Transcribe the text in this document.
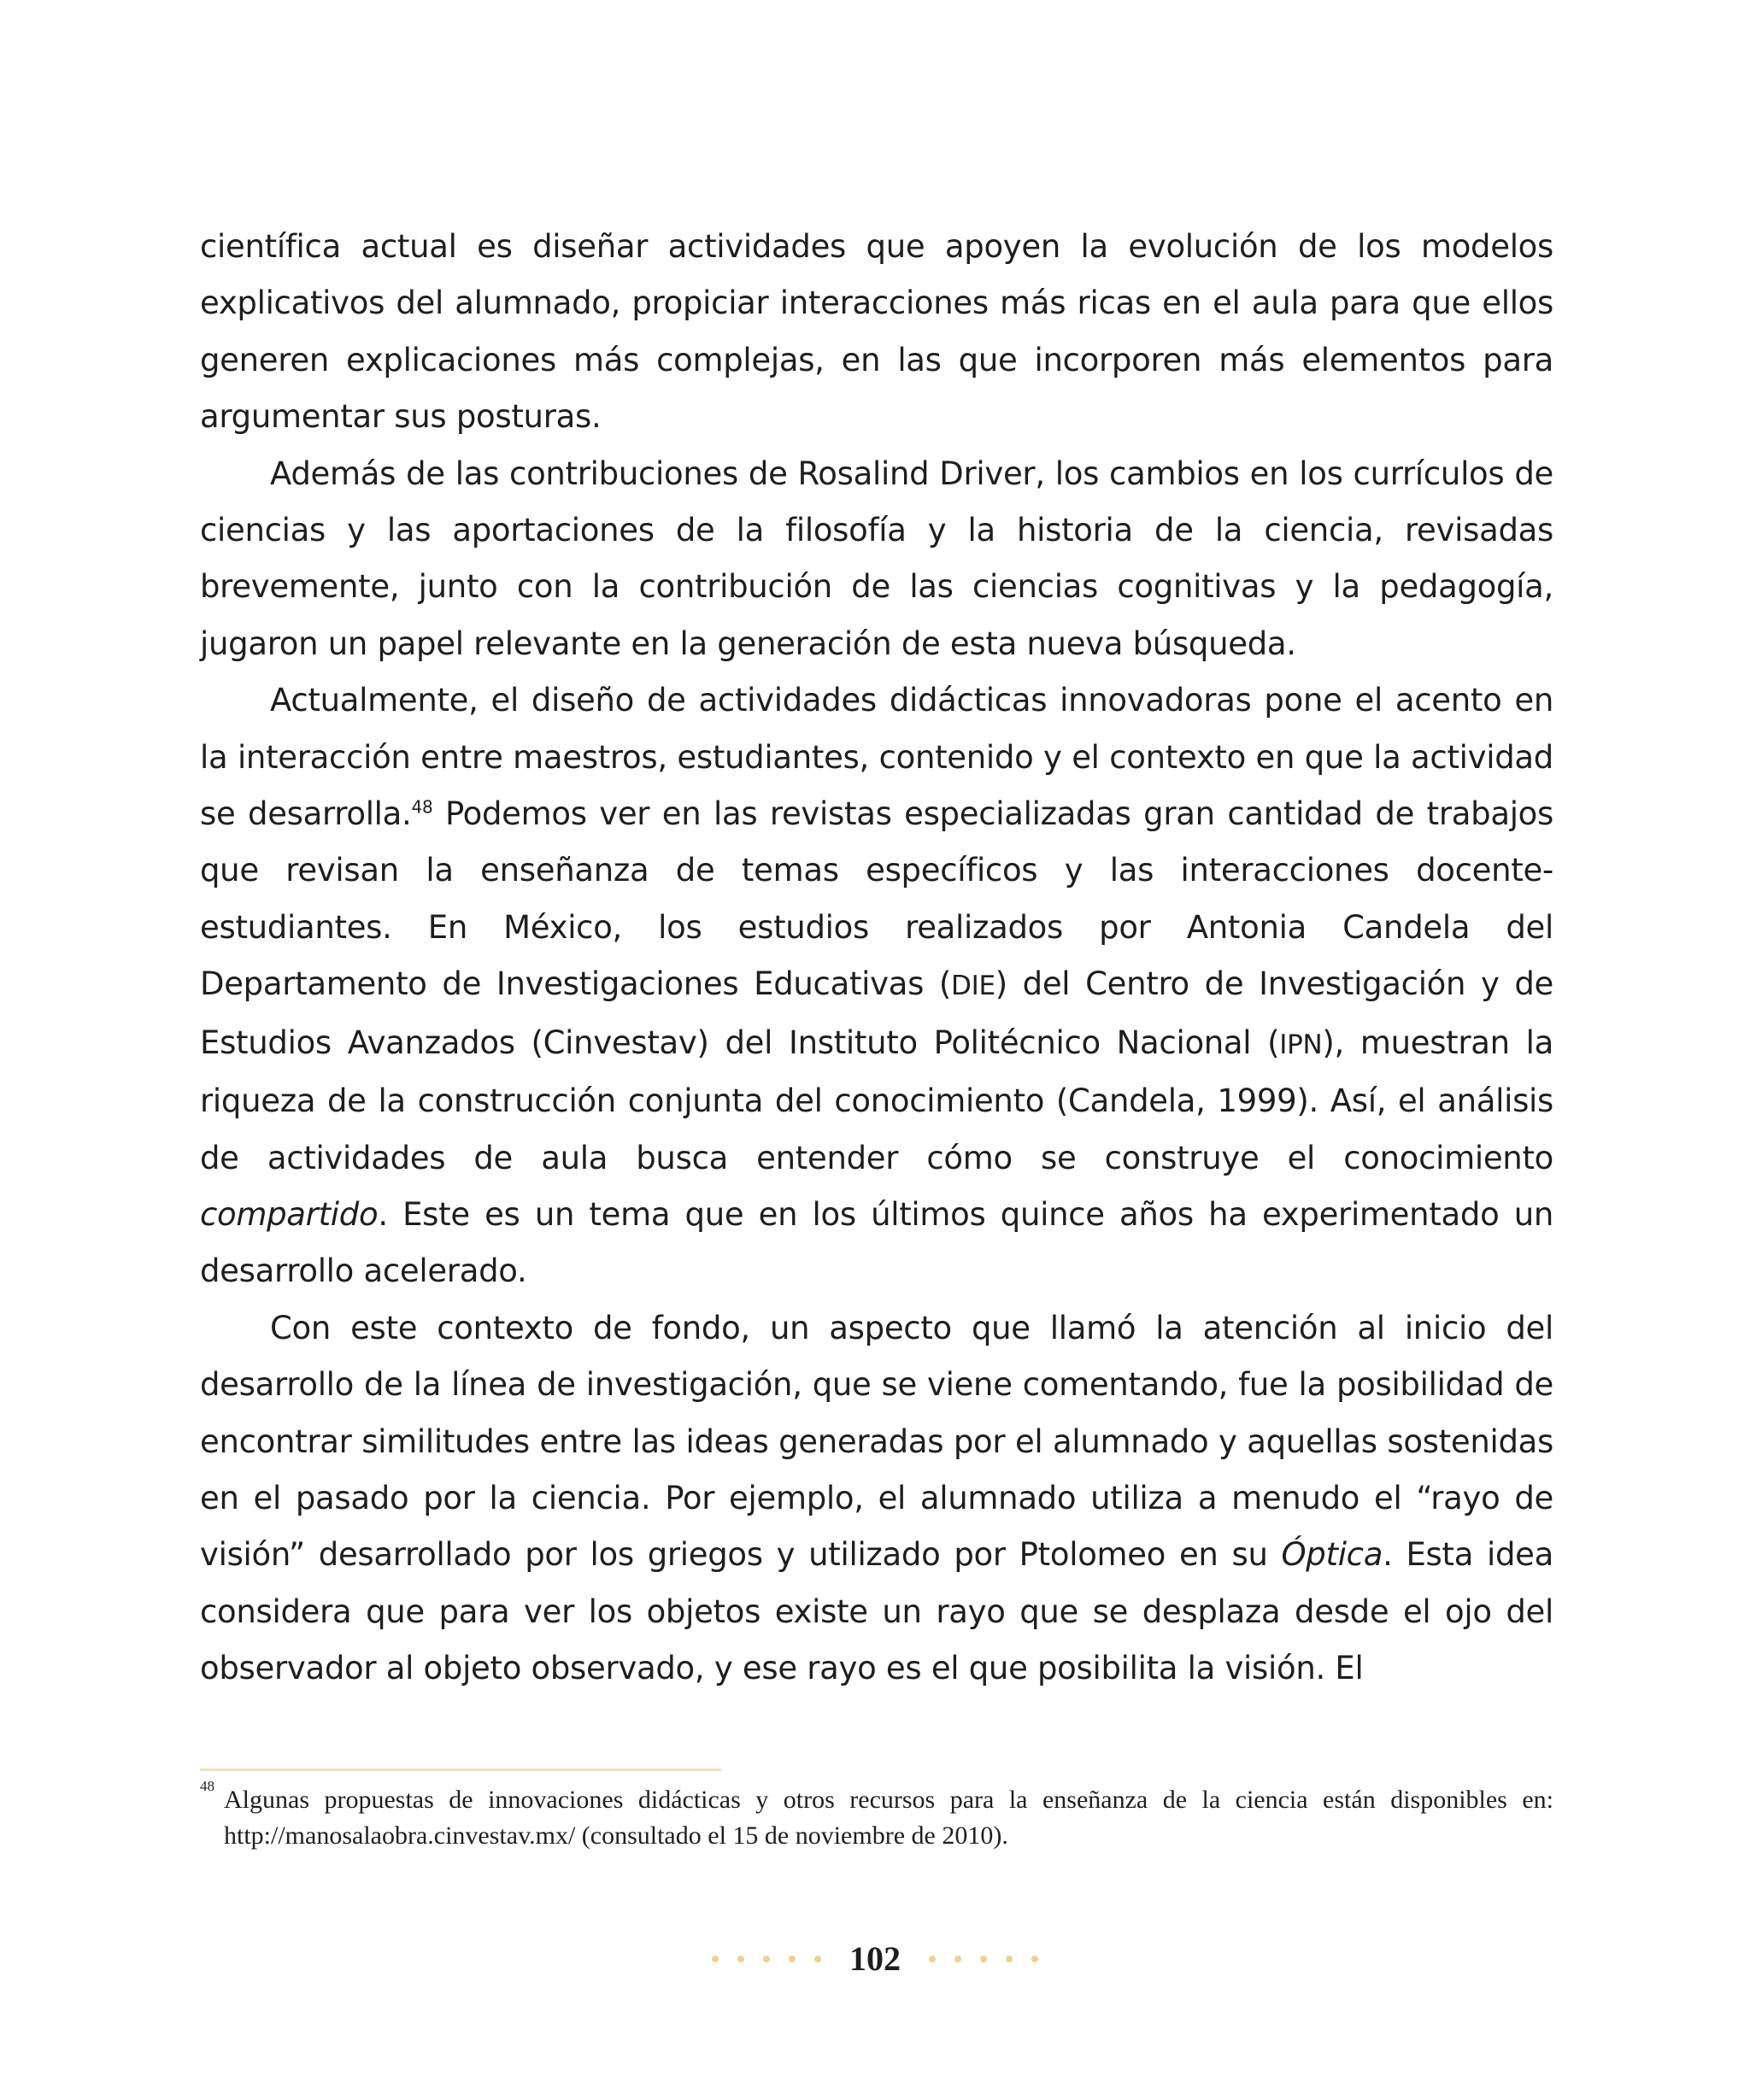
científica actual es diseñar actividades que apoyen la evolución de los modelos explicativos del alumnado, propiciar interacciones más ricas en el aula para que ellos generen explicaciones más complejas, en las que incorporen más elementos para argumentar sus posturas.

Además de las contribuciones de Rosalind Driver, los cambios en los currículos de ciencias y las aportaciones de la filosofía y la historia de la ciencia, revisadas brevemente, junto con la contribución de las ciencias cognitivas y la pedagogía, jugaron un papel relevante en la generación de esta nueva búsqueda.

Actualmente, el diseño de actividades didácticas innovadoras pone el acento en la interacción entre maestros, estudiantes, contenido y el contexto en que la actividad se desarrolla.$^{48}$ Podemos ver en las revistas especializadas gran cantidad de trabajos que revisan la enseñanza de temas específicos y las interacciones docente-estudiantes. En México, los estudios realizados por Antonia Candela del Departamento de Investigaciones Educativas (DIE) del Centro de Investigación y de Estudios Avanzados (Cinvestav) del Instituto Politécnico Nacional (IPN), muestran la riqueza de la construcción conjunta del conocimiento (Candela, 1999). Así, el análisis de actividades de aula busca entender cómo se construye el conocimiento compartido. Este es un tema que en los últimos quince años ha experimentado un desarrollo acelerado.

Con este contexto de fondo, un aspecto que llamó la atención al inicio del desarrollo de la línea de investigación, que se viene comentando, fue la posibilidad de encontrar similitudes entre las ideas generadas por el alumnado y aquellas sostenidas en el pasado por la ciencia. Por ejemplo, el alumnado utiliza a menudo el “rayo de visión” desarrollado por los griegos y utilizado por Ptolomeo en su Óptica. Esta idea considera que para ver los objetos existe un rayo que se desplaza desde el ojo del observador al objeto observado, y ese rayo es el que posibilita la visión. El

48 Algunas propuestas de innovaciones didácticas y otros recursos para la enseñanza de la ciencia están disponibles en: http://manosalaobra.cinvestav.mx/ (consultado el 15 de noviembre de 2010).
102
